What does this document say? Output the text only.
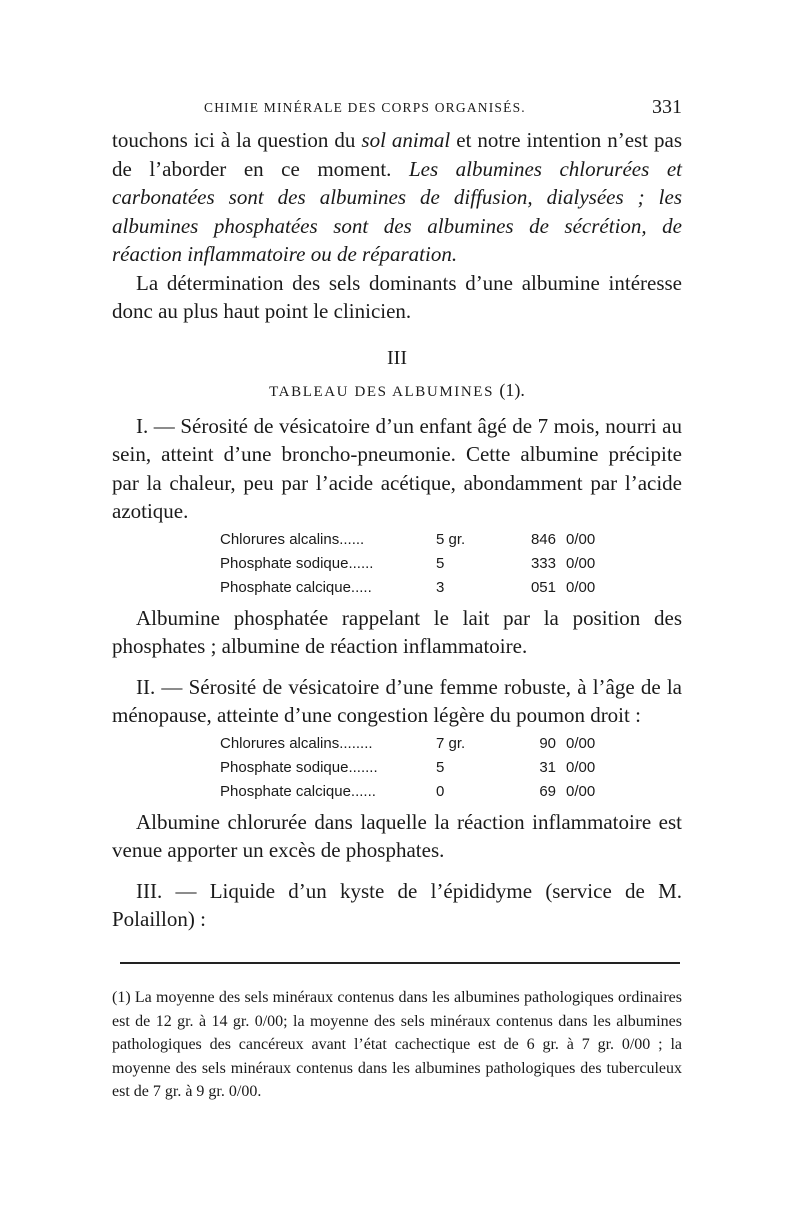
CHIMIE MINÉRALE DES CORPS ORGANISÉS.	331

touchons ici à la question du sol animal et notre intention n’est pas de l’aborder en ce moment. Les albumines chlorurées et carbonatées sont des albumines de diffusion, dialysées ; les albumines phosphatées sont des albumines de sécrétion, de réaction inflammatoire ou de réparation.

La détermination des sels dominants d’une albumine intéresse donc au plus haut point le clinicien.

III
TABLEAU DES ALBUMINES (1).

I. — Sérosité de vésicatoire d’un enfant âgé de 7 mois, nourri au sein, atteint d’une broncho-pneumonie. Cette albumine précipite par la chaleur, peu par l’acide acétique, abondamment par l’acide azotique.

Chlorures alcalins......	5 gr.	846	0/00
Phosphate sodique......	5	333	0/00
Phosphate calcique.....	3	051	0/00

Albumine phosphatée rappelant le lait par la position des phosphates ; albumine de réaction inflammatoire.

II. — Sérosité de vésicatoire d’une femme robuste, à l’âge de la ménopause, atteinte d’une congestion légère du poumon droit :

Chlorures alcalins........	7 gr.	90	0/00
Phosphate sodique.......	5	31	0/00
Phosphate calcique......	0	69	0/00

Albumine chlorurée dans laquelle la réaction inflammatoire est venue apporter un excès de phosphates.

III. — Liquide d’un kyste de l’épididyme (service de M. Polaillon) :

(1) La moyenne des sels minéraux contenus dans les albumines pathologiques ordinaires est de 12 gr. à 14 gr. 0/00; la moyenne des sels minéraux contenus dans les albumines pathologiques des cancéreux avant l’état cachectique est de 6 gr. à 7 gr. 0/00 ; la moyenne des sels minéraux contenus dans les albumines pathologiques des tuberculeux est de 7 gr. à 9 gr. 0/00.
